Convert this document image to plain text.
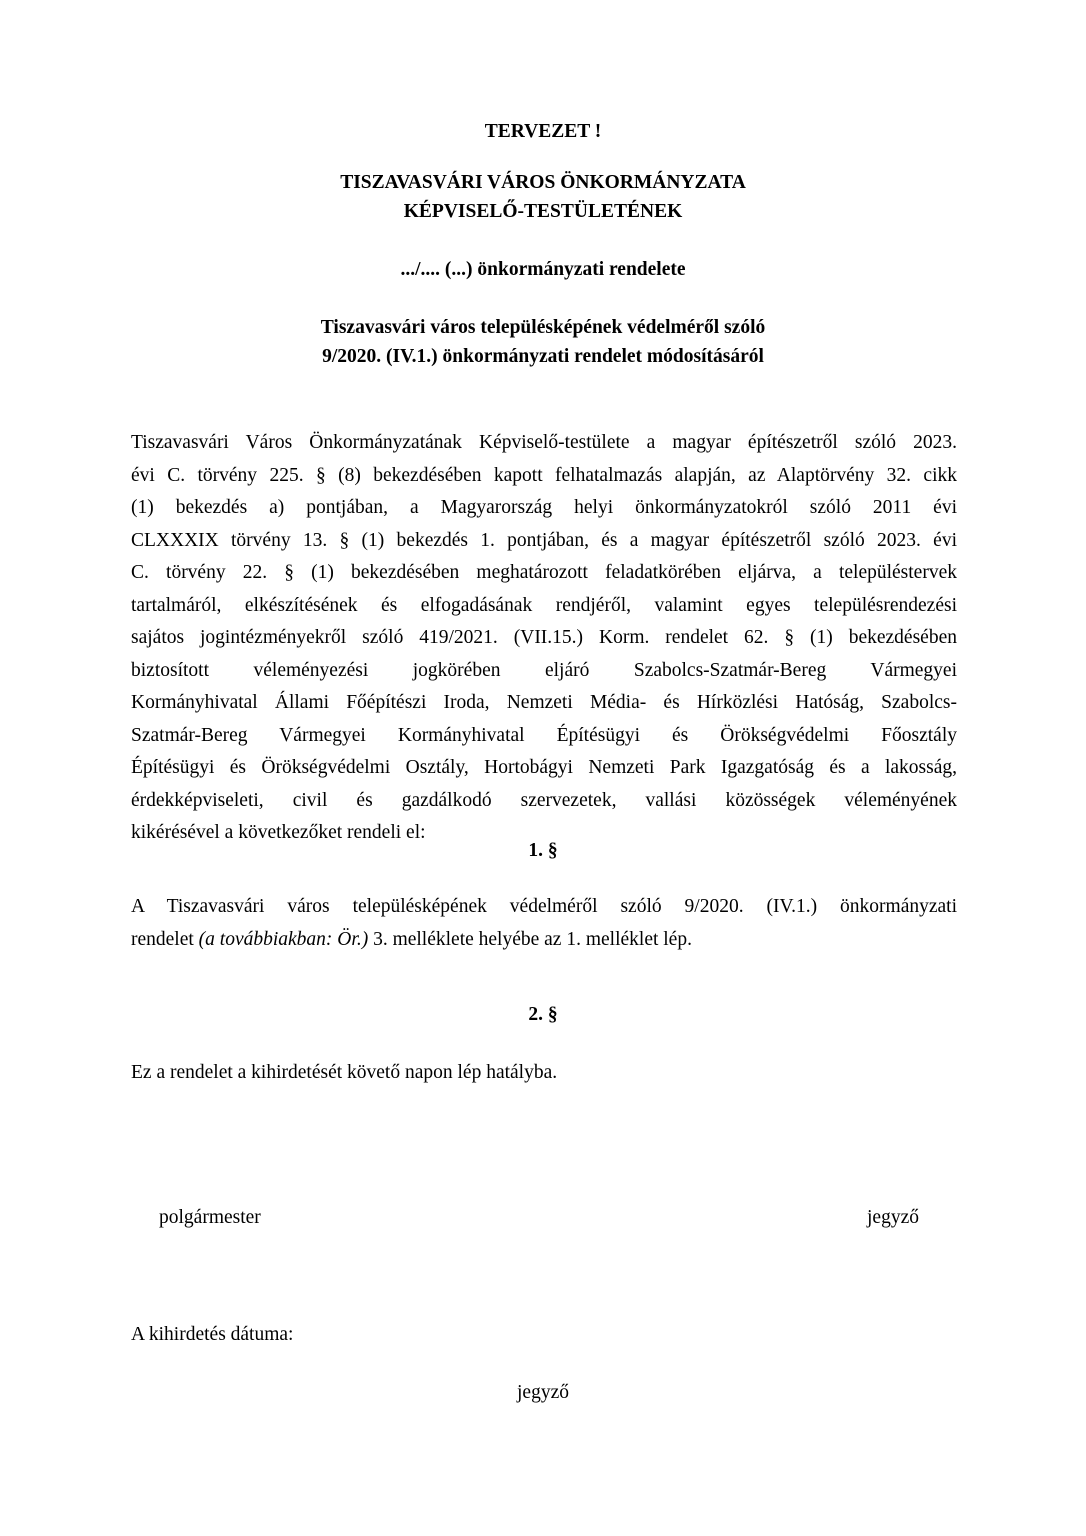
TERVEZET !

TISZAVASVÁRI VÁROS ÖNKORMÁNYZATA

KÉPVISELŐ-TESTÜLETÉNEK

.../.... (...) önkormányzati rendelete

Tiszavasvári város településképének védelméről szóló

9/2020. (IV.1.) önkormányzati rendelet módosításáról

Tiszavasvári Város Önkormányzatának Képviselő-testülete a magyar építészetről szóló 2023.
évi C. törvény 225. § (8) bekezdésében kapott felhatalmazás alapján, az Alaptörvény 32. cikk
(1) bekezdés a) pontjában, a Magyarország helyi önkormányzatokról szóló 2011 évi
CLXXXIX törvény 13. § (1) bekezdés 1. pontjában, és a magyar építészetről szóló 2023. évi
C. törvény 22. § (1) bekezdésében meghatározott feladatkörében eljárva, a településtervek
tartalmáról, elkészítésének és elfogadásának rendjéről, valamint egyes településrendezési
sajátos jogintézményekről szóló 419/2021. (VII.15.) Korm. rendelet 62. § (1) bekezdésében
biztosított véleményezési jogkörében eljáró Szabolcs-Szatmár-Bereg Vármegyei
Kormányhivatal Állami Főépítészi Iroda, Nemzeti Média- és Hírközlési Hatóság, Szabolcs-
Szatmár-Bereg Vármegyei Kormányhivatal Építésügyi és Örökségvédelmi Főosztály
Építésügyi és Örökségvédelmi Osztály, Hortobágyi Nemzeti Park Igazgatóság és a lakosság,
érdekképviseleti, civil és gazdálkodó szervezetek, vallási közösségek véleményének
kikérésével a következőket rendeli el:

1. §

A Tiszavasvári város településképének védelméről szóló 9/2020. (IV.1.) önkormányzati
rendelet (a továbbiakban: Ör.) 3. melléklete helyébe az 1. melléklet lép.

2. §

Ez a rendelet a kihirdetését követő napon lép hatályba.

polgármester	jegyző

A kihirdetés dátuma:

jegyző
